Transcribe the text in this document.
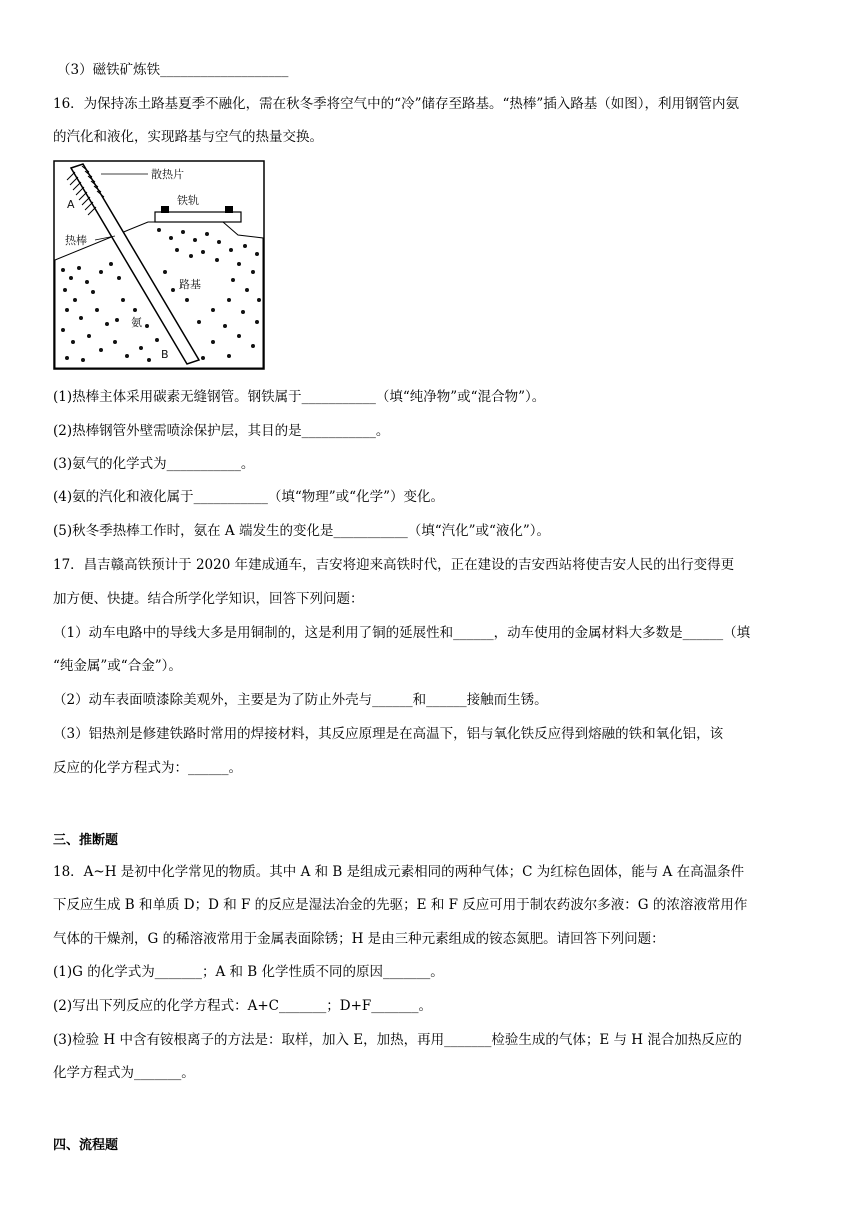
（3）磁铁矿炼铁___________________
16．为保持冻土路基夏季不融化，需在秋冬季将空气中的“冷”储存至路基。“热棒”插入路基（如图），利用钢管内氨
的汽化和液化，实现路基与空气的热量交换。
散热片
A
热棒
铁轨
路基
氨
B
(1)热棒主体采用碳素无缝钢管。钢铁属于___________（填“纯净物”或“混合物”）。
(2)热棒钢管外壁需喷涂保护层，其目的是___________。
(3)氨气的化学式为___________。
(4)氨的汽化和液化属于___________（填“物理”或“化学”）变化。
(5)秋冬季热棒工作时，氨在 A 端发生的变化是___________（填“汽化”或“液化”）。
17．昌吉赣高铁预计于 2020 年建成通车，吉安将迎来高铁时代，正在建设的吉安西站将使吉安人民的出行变得更
加方便、快捷。结合所学化学知识，回答下列问题：
（1）动车电路中的导线大多是用铜制的，这是利用了铜的延展性和______，动车使用的金属材料大多数是______（填
“纯金属”或“合金”）。
（2）动车表面喷漆除美观外，主要是为了防止外壳与______和______接触而生锈。
（3）铝热剂是修建铁路时常用的焊接材料，其反应原理是在高温下，铝与氧化铁反应得到熔融的铁和氧化铝，该
反应的化学方程式为：______。
三、推断题
18．A~H 是初中化学常见的物质。其中 A 和 B 是组成元素相同的两种气体；C 为红棕色固体，能与 A 在高温条件
下反应生成 B 和单质 D；D 和 F 的反应是湿法冶金的先驱；E 和 F 反应可用于制农药波尔多液：G 的浓溶液常用作
气体的干燥剂，G 的稀溶液常用于金属表面除锈；H 是由三种元素组成的铵态氮肥。请回答下列问题：
(1)G 的化学式为_______；A 和 B 化学性质不同的原因_______。
(2)写出下列反应的化学方程式：A+C_______；D+F_______。
(3)检验 H 中含有铵根离子的方法是：取样，加入 E，加热，再用_______检验生成的气体；E 与 H 混合加热反应的
化学方程式为_______。
四、流程题
